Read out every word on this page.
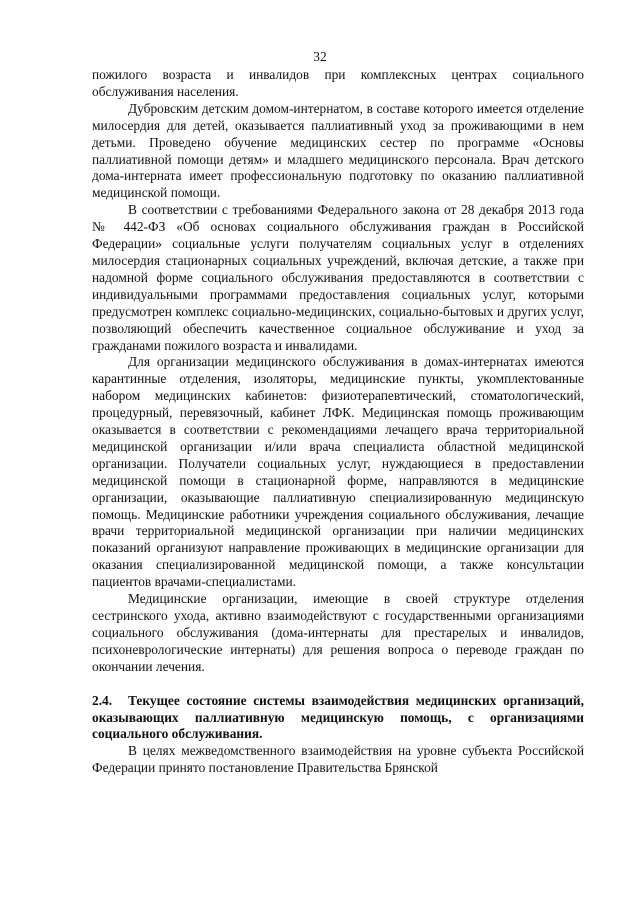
32

пожилого возраста и инвалидов при комплексных центрах социального обслуживания населения.

Дубровским детским домом-интернатом, в составе которого имеется отделение милосердия для детей, оказывается паллиативный уход за проживающими в нем детьми. Проведено обучение медицинских сестер по программе «Основы паллиативной помощи детям» и младшего медицинского персонала. Врач детского дома-интерната имеет профессиональную подготовку по оказанию паллиативной медицинской помощи.

В соответствии с требованиями Федерального закона от 28 декабря 2013 года № 442-ФЗ «Об основах социального обслуживания граждан в Российской Федерации» социальные услуги получателям социальных услуг в отделениях милосердия стационарных социальных учреждений, включая детские, а также при надомной форме социального обслуживания предоставляются в соответствии с индивидуальными программами предоставления социальных услуг, которыми предусмотрен комплекс социально-медицинских, социально-бытовых и других услуг, позволяющий обеспечить качественное социальное обслуживание и уход за гражданами пожилого возраста и инвалидами.

Для организации медицинского обслуживания в домах-интернатах имеются карантинные отделения, изоляторы, медицинские пункты, укомплектованные набором медицинских кабинетов: физиотерапевтический, стоматологический, процедурный, перевязочный, кабинет ЛФК. Медицинская помощь проживающим оказывается в соответствии с рекомендациями лечащего врача территориальной медицинской организации и/или врача специалиста областной медицинской организации. Получатели социальных услуг, нуждающиеся в предоставлении медицинской помощи в стационарной форме, направляются в медицинские организации, оказывающие паллиативную специализированную медицинскую помощь. Медицинские работники учреждения социального обслуживания, лечащие врачи территориальной медицинской организации при наличии медицинских показаний организуют направление проживающих в медицинские организации для оказания специализированной медицинской помощи, а также консультации пациентов врачами-специалистами.

Медицинские организации, имеющие в своей структуре отделения сестринского ухода, активно взаимодействуют с государственными организациями социального обслуживания (дома-интернаты для престарелых и инвалидов, психоневрологические интернаты) для решения вопроса о переводе граждан по окончании лечения.

2.4. Текущее состояние системы взаимодействия медицинских организаций, оказывающих паллиативную медицинскую помощь, с организациями социального обслуживания.

В целях межведомственного взаимодействия на уровне субъекта Российской Федерации принято постановление Правительства Брянской
